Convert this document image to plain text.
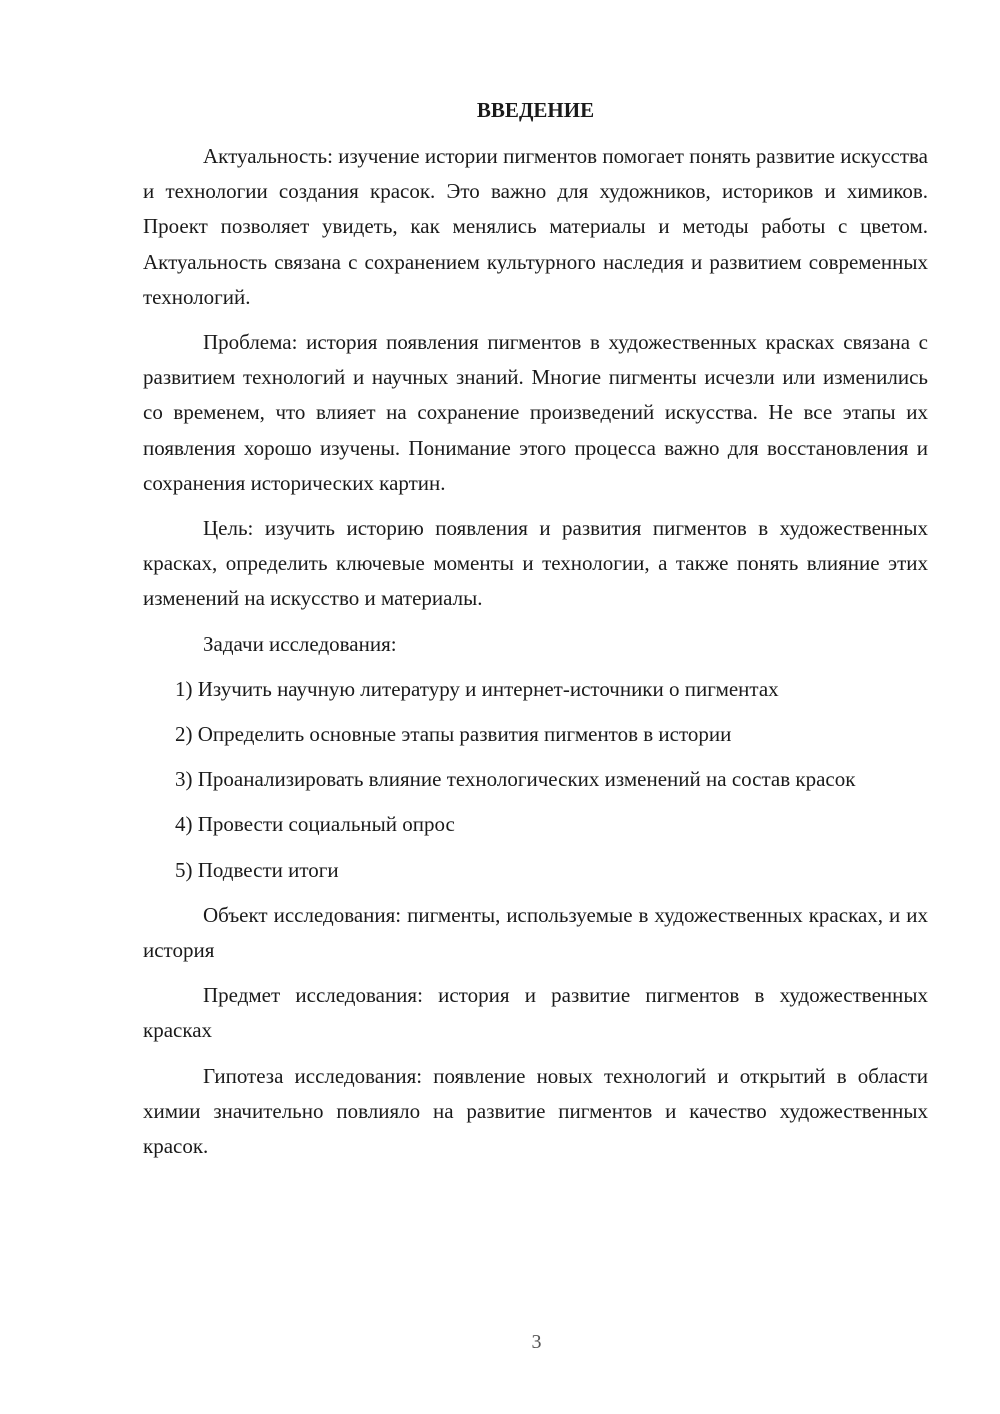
ВВЕДЕНИЕ

Актуальность: изучение истории пигментов помогает понять развитие искусства и технологии создания красок. Это важно для художников, историков и химиков. Проект позволяет увидеть, как менялись материалы и методы работы с цветом. Актуальность связана с сохранением культурного наследия и развитием современных технологий.

Проблема: история появления пигментов в художественных красках связана с развитием технологий и научных знаний. Многие пигменты исчезли или изменились со временем, что влияет на сохранение произведений искусства. Не все этапы их появления хорошо изучены. Понимание этого процесса важно для восстановления и сохранения исторических картин.

Цель: изучить историю появления и развития пигментов в художественных красках, определить ключевые моменты и технологии, а также понять влияние этих изменений на искусство и материалы.

Задачи исследования:

1) Изучить научную литературу и интернет-источники о пигментах

2) Определить основные этапы развития пигментов в истории

3) Проанализировать влияние технологических изменений на состав красок

4) Провести социальный опрос

5) Подвести итоги

Объект исследования: пигменты, используемые в художественных красках, и их история

Предмет исследования: история и развитие пигментов в художественных красках

Гипотеза исследования: появление новых технологий и открытий в области химии значительно повлияло на развитие пигментов и качество художественных красок.

3
